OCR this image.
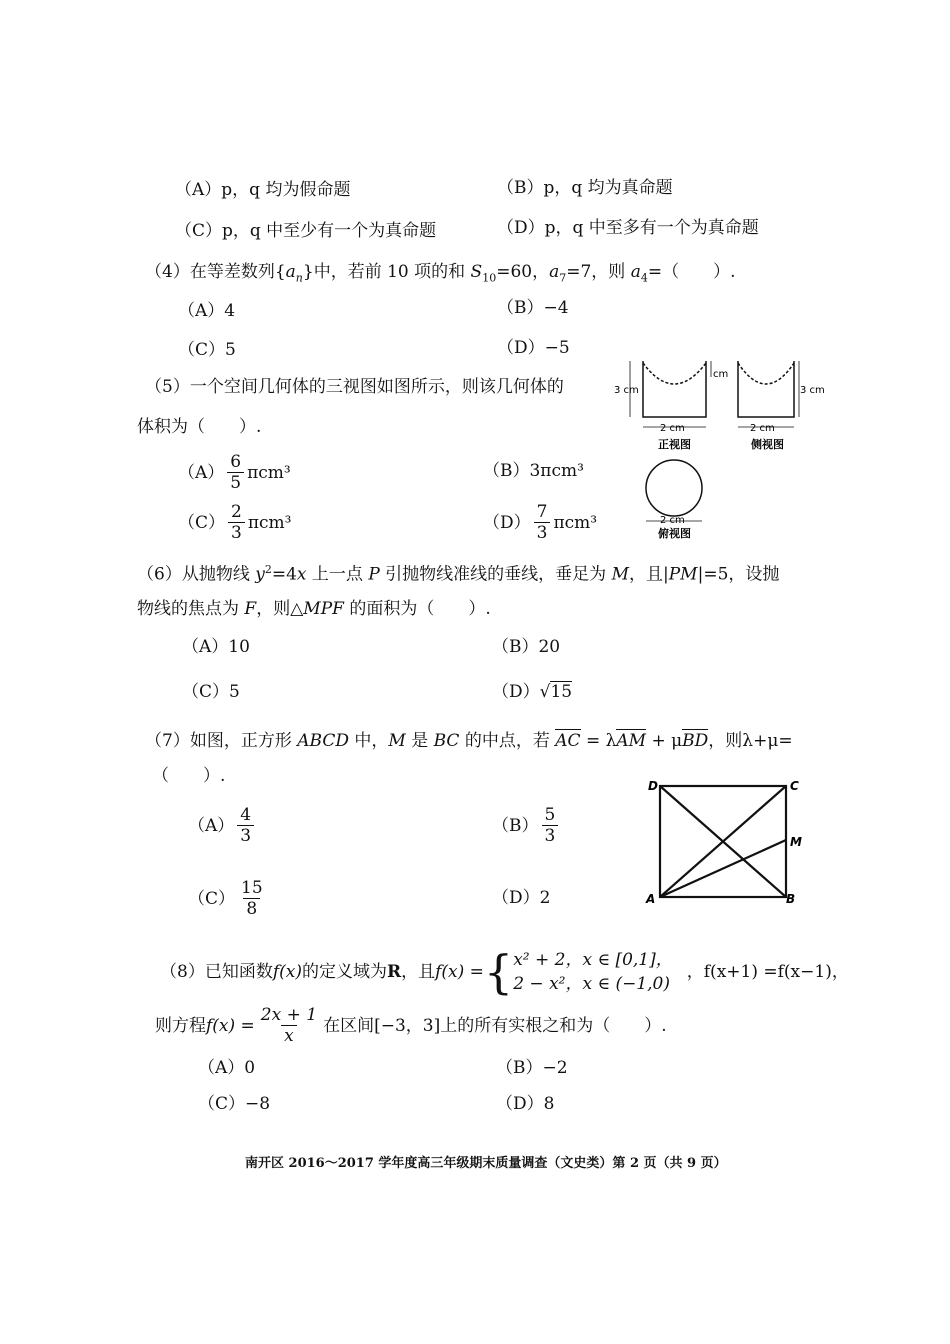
（A）p，q 均为假命题	（B）p，q 均为真命题
（C）p，q 中至少有一个为真命题	（D）p，q 中至多有一个为真命题
（4）在等差数列$\{a_n\}$中，若前 10 项的和 $S_{10}=60$，$a_7=7$，则 $a_4=$（　　）.
（A）4	（B）−4
（C）5	（D）−5
（5）一个空间几何体的三视图如图所示，则该几何体的
体积为（　　）.
$(A) \frac{6}{5} \pi cm^3$	（B）3πcm³
$(C) \frac{2}{3} \pi cm^3$	$(D) \frac{7}{3} \pi cm^3$
3 cm
cm
2 cm
正视图
3 cm
2 cm
侧视图
2 cm
俯视图
（6）从抛物线 $y^2=4x$ 上一点 P 引抛物线准线的垂线，垂足为 M，且|PM|=5，设抛
物线的焦点为 F，则△MPF 的面积为（　　）.
（A）10	（B）20
（C）5	（D）√15
（7）如图，正方形 ABCD 中，M 是 BC 的中点，若 AC = λAM + μBD，则λ+μ=
（　　）.
$(A) \frac{4}{3}$	$(B) \frac{5}{3}$
$(C) \frac{15}{8}$	（D）2
D	C
M
A	B
（8）已知函数 f(x) 的定义域为 R ，且 f(x) = { x² + 2，x ∈ [0,1]，
2 − x²，x ∈ (−1,0)
，f(x+1) =f(x−1)，
则方程 $f(x) = \frac{2x + 1}{x}$ 在区间[−3，3]上的所有实根之和为（　　）.
（A）0	（B）−2
（C）−8	（D）8
南开区 2016～2017 学年度高三年级期末质量调查（文史类）第 2 页（共 9 页）
